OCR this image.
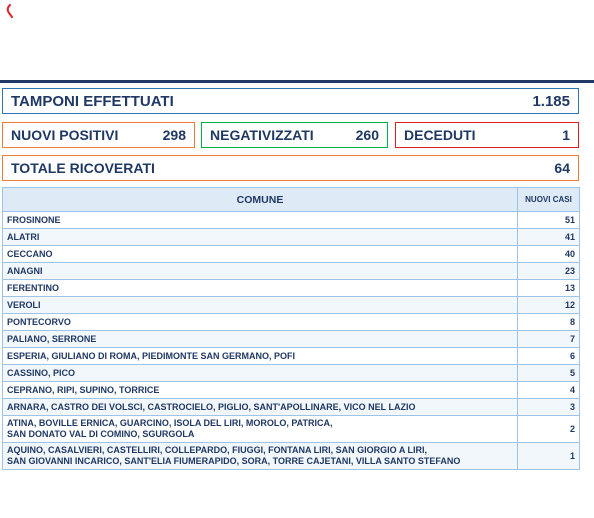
TAMPONI EFFETTUATI	1.185
NUOVI POSITIVI	298 NEGATIVIZZATI	260 DECEDUTI	1
TOTALE RICOVERATI	64
COMUNE	NUOVI CASI
FROSINONE	51
ALATRI	41
CECCANO	40
ANAGNI	23
FERENTINO	13
VEROLI	12
PONTECORVO	8
PALIANO, SERRONE	7
ESPERIA, GIULIANO DI ROMA, PIEDIMONTE SAN GERMANO, POFI	6
CASSINO, PICO	5
CEPRANO, RIPI, SUPINO, TORRICE	4
ARNARA, CASTRO DEI VOLSCI, CASTROCIELO, PIGLIO, SANT'APOLLINARE, VICO NEL LAZIO	3
ATINA, BOVILLE ERNICA, GUARCINO, ISOLA DEL LIRI, MOROLO, PATRICA,
SAN DONATO VAL DI COMINO, SGURGOLA	2
AQUINO, CASALVIERI, CASTELLIRI, COLLEPARDO, FIUGGI, FONTANA LIRI, SAN GIORGIO A LIRI,
SAN GIOVANNI INCARICO, SANT'ELIA FIUMERAPIDO, SORA, TORRE CAJETANI, VILLA SANTO STEFANO	1
